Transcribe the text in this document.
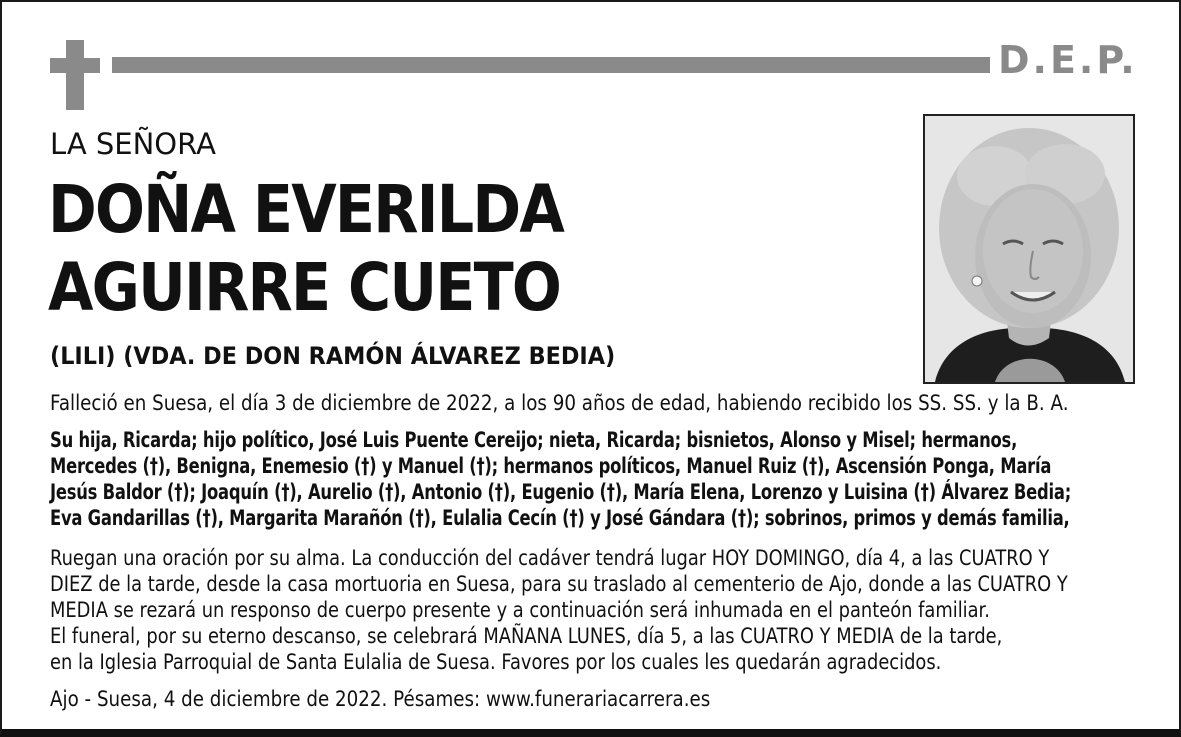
D.E.P.
LA SEÑORA
DOÑA EVERILDA
AGUIRRE CUETO
(LILI) (VDA. DE DON RAMÓN ÁLVAREZ BEDIA)
Falleció en Suesa, el día 3 de diciembre de 2022, a los 90 años de edad, habiendo recibido los SS. SS. y la B. A.
Su hija, Ricarda; hijo político, José Luis Puente Cereijo; nieta, Ricarda; bisnietos, Alonso y Misel; hermanos,
Mercedes (†), Benigna, Enemesio (†) y Manuel (†); hermanos políticos, Manuel Ruiz (†), Ascensión Ponga, María
Jesús Baldor (†); Joaquín (†), Aurelio (†), Antonio (†), Eugenio (†), María Elena, Lorenzo y Luisina (†) Álvarez Bedia;
Eva Gandarillas (†), Margarita Marañón (†), Eulalia Cecín (†) y José Gándara (†); sobrinos, primos y demás familia,
Ruegan una oración por su alma. La conducción del cadáver tendrá lugar HOY DOMINGO, día 4, a las CUATRO Y
DIEZ de la tarde, desde la casa mortuoria en Suesa, para su traslado al cementerio de Ajo, donde a las CUATRO Y
MEDIA se rezará un responso de cuerpo presente y a continuación será inhumada en el panteón familiar.
El funeral, por su eterno descanso, se celebrará MAÑANA LUNES, día 5, a las CUATRO Y MEDIA de la tarde,
en la Iglesia Parroquial de Santa Eulalia de Suesa. Favores por los cuales les quedarán agradecidos.
Ajo - Suesa, 4 de diciembre de 2022. Pésames: www.funerariacarrera.es
